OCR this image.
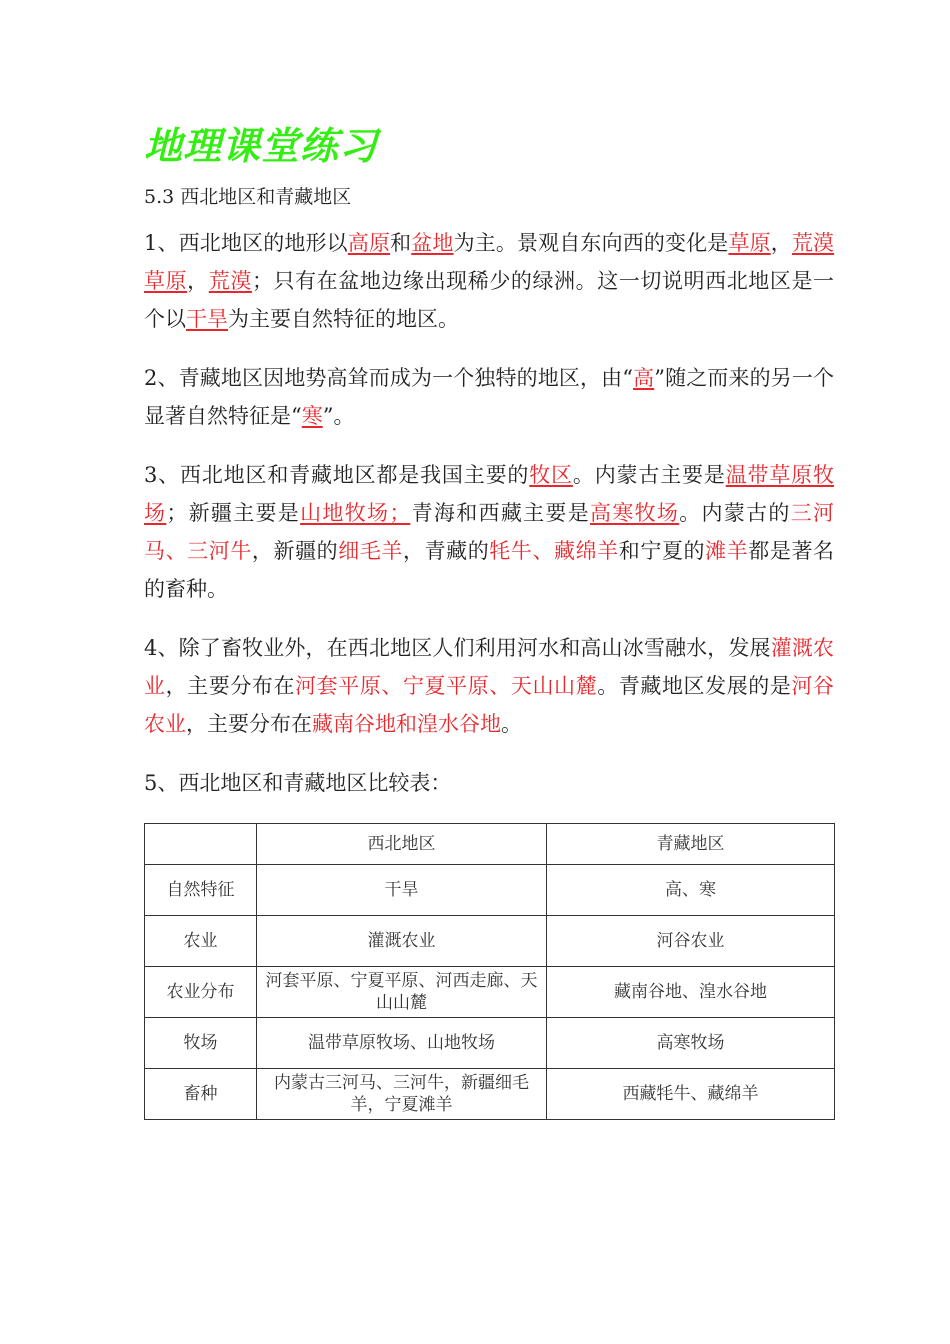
地理课堂练习
5.3 西北地区和青藏地区

1、西北地区的地形以高原和盆地为主。景观自东向西的变化是草原，荒漠草原，荒漠；只有在盆地边缘出现稀少的绿洲。这一切说明西北地区是一个以干旱为主要自然特征的地区。

2、青藏地区因地势高耸而成为一个独特的地区，由“高”随之而来的另一个显著自然特征是“寒”。

3、西北地区和青藏地区都是我国主要的牧区。内蒙古主要是温带草原牧场；新疆主要是山地牧场；青海和西藏主要是高寒牧场。内蒙古的三河马、三河牛，新疆的细毛羊，青藏的牦牛、藏绵羊和宁夏的滩羊都是著名的畜种。

4、除了畜牧业外，在西北地区人们利用河水和高山冰雪融水，发展灌溉农业，主要分布在河套平原、宁夏平原、天山山麓。青藏地区发展的是河谷农业，主要分布在藏南谷地和湟水谷地。

5、西北地区和青藏地区比较表：

	西北地区	青藏地区
自然特征	干旱	高、寒
农业	灌溉农业	河谷农业
农业分布	河套平原、宁夏平原、河西走廊、天山山麓	藏南谷地、湟水谷地
牧场	温带草原牧场、山地牧场	高寒牧场
畜种	内蒙古三河马、三河牛，新疆细毛羊，宁夏滩羊	西藏牦牛、藏绵羊
